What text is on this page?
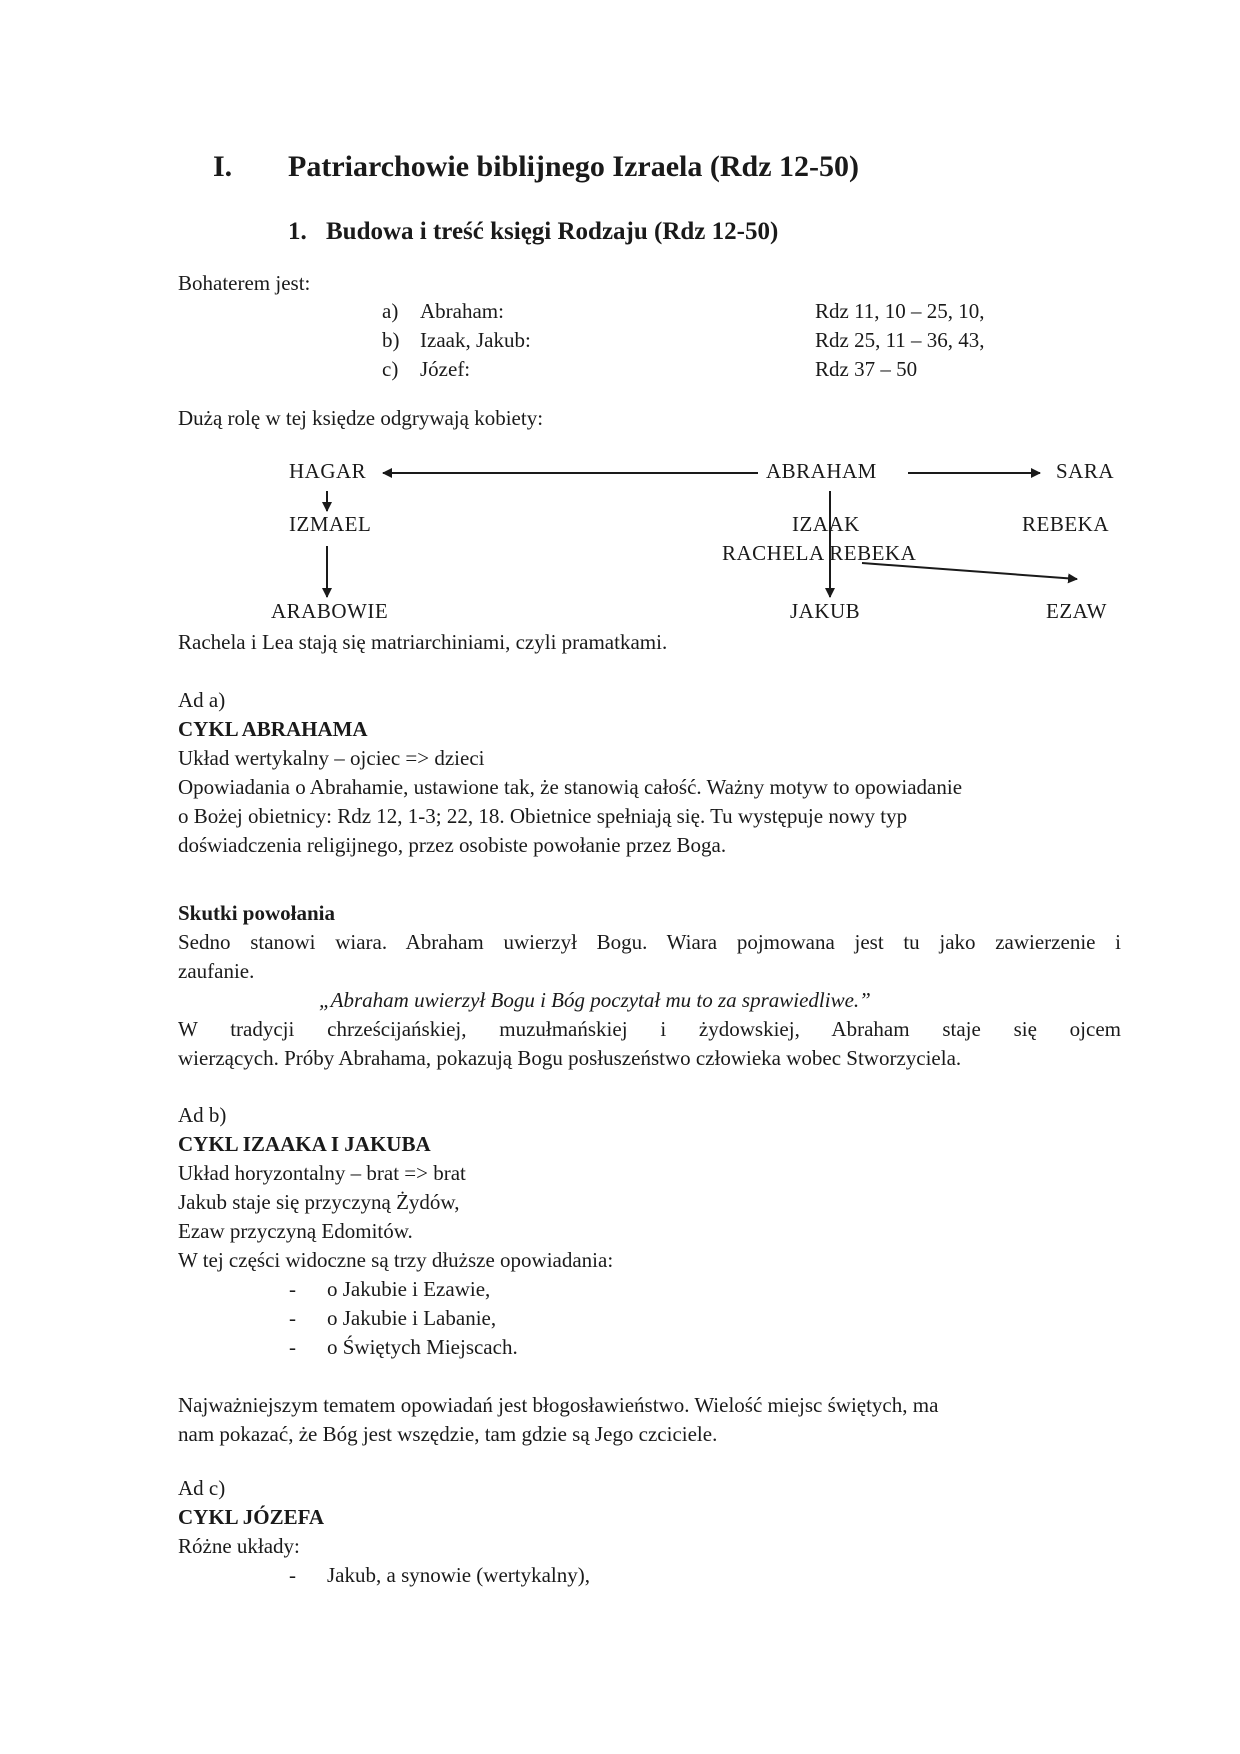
I. Patriarchowie biblijnego Izraela (Rdz 12-50)
1. Budowa i treść księgi Rodzaju (Rdz 12-50)
Bohaterem jest:
a) Abraham:	Rdz 11, 10 – 25, 10,
b) Izaak, Jakub:	Rdz 25, 11 – 36, 43,
c) Józef:	Rdz 37 – 50
Dużą rolę w tej księdze odgrywają kobiety:
HAGAR	ABRAHAM	SARA
IZMAEL	IZAAK	REBEKA
RACHELA REBEKA
ARABOWIE	JAKUB	EZAW
Rachela i Lea stają się matriarchiniami, czyli pramatkami.
Ad a)
CYKL ABRAHAMA
Układ wertykalny – ojciec => dzieci
Opowiadania o Abrahamie, ustawione tak, że stanowią całość. Ważny motyw to opowiadanie
o Bożej obietnicy: Rdz 12, 1-3; 22, 18. Obietnice spełniają się. Tu występuje nowy typ
doświadczenia religijnego, przez osobiste powołanie przez Boga.
Skutki powołania
Sedno stanowi wiara. Abraham uwierzył Bogu. Wiara pojmowana jest tu jako zawierzenie i
zaufanie.
„Abraham uwierzył Bogu i Bóg poczytał mu to za sprawiedliwe.”
W tradycji chrześcijańskiej, muzułmańskiej i żydowskiej, Abraham staje się ojcem
wierzących. Próby Abrahama, pokazują Bogu posłuszeństwo człowieka wobec Stworzyciela.
Ad b)
CYKL IZAAKA I JAKUBA
Układ horyzontalny – brat => brat
Jakub staje się przyczyną Żydów,
Ezaw przyczyną Edomitów.
W tej części widoczne są trzy dłuższe opowiadania:
- o Jakubie i Ezawie,
- o Jakubie i Labanie,
- o Świętych Miejscach.
Najważniejszym tematem opowiadań jest błogosławieństwo. Wielość miejsc świętych, ma
nam pokazać, że Bóg jest wszędzie, tam gdzie są Jego czciciele.
Ad c)
CYKL JÓZEFA
Różne układy:
- Jakub, a synowie (wertykalny),
